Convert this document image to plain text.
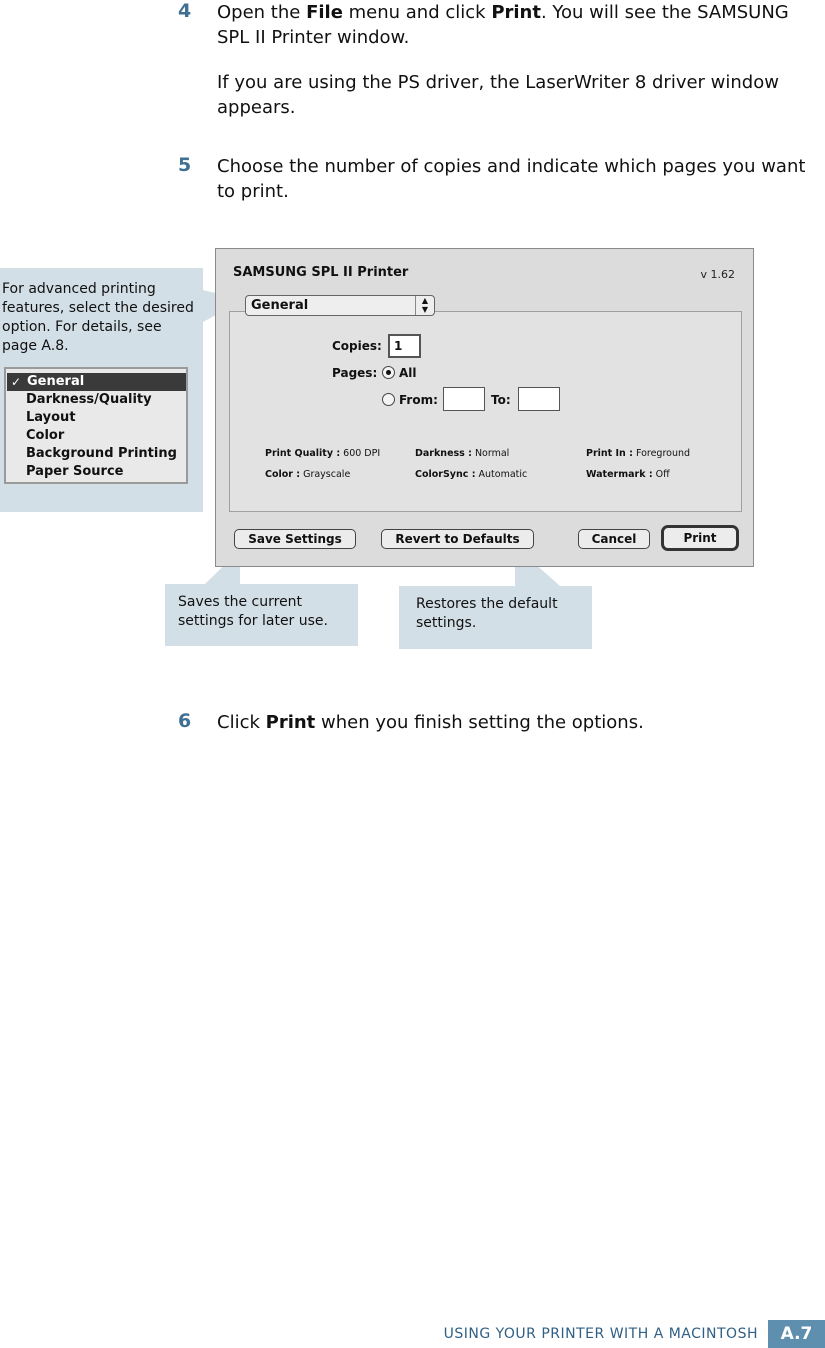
4 Open the File menu and click Print. You will see the SAMSUNG SPL II Printer window.
If you are using the PS driver, the LaserWriter 8 driver window appears.
5 Choose the number of copies and indicate which pages you want to print.
For advanced printing features, select the desired option. For details, see page A.8.
✓ General
Darkness/Quality
Layout
Color
Background Printing
Paper Source
SAMSUNG SPL II Printer	v 1.62
Copies:	1
Pages: All
From:	To:
Print Quality : 600 DPI	Darkness : Normal	Print In : Foreground
Color : Grayscale	ColorSync : Automatic	Watermark : Off
General	▲
▼
Save Settings	Revert to Defaults	Cancel	Print
Saves the current settings for later use.
Restores the default settings.
6 Click Print when you finish setting the options.
USING YOUR PRINTER WITH A MACINTOSH	A.7
